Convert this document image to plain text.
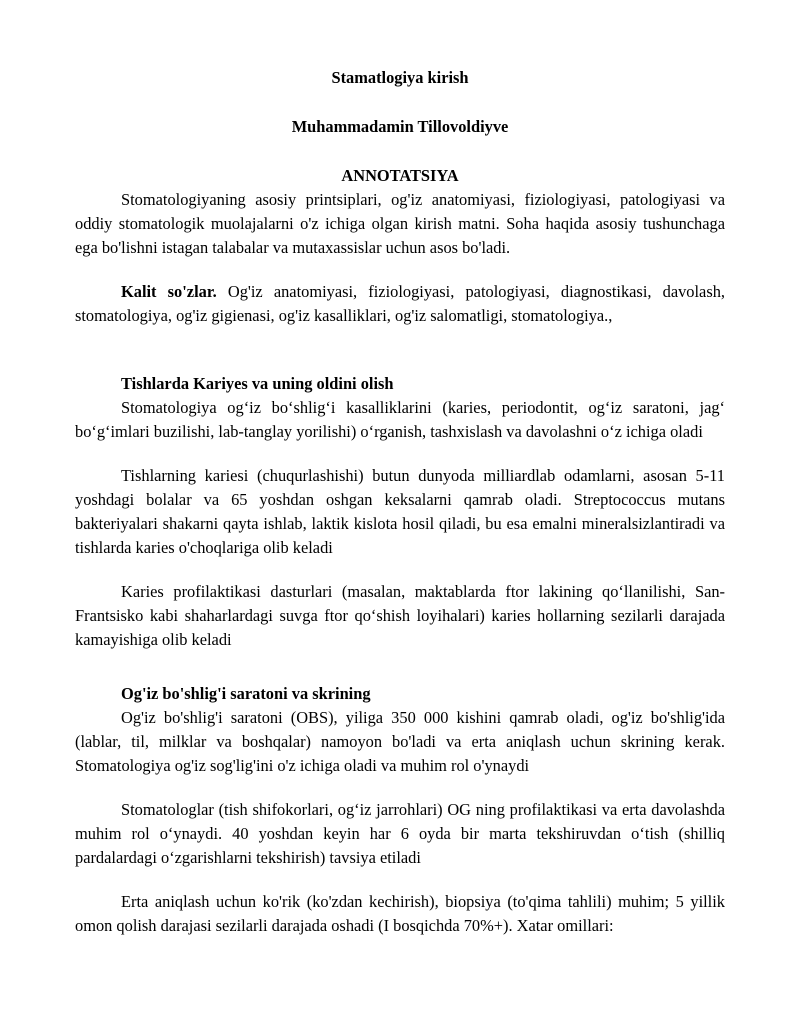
Stamatlogiya kirish

Muhammadamin Tillovoldiyve

ANNOTATSIYA

Stomatologiyaning asosiy printsiplari, og'iz anatomiyasi, fiziologiyasi, patologiyasi va oddiy stomatologik muolajalarni o'z ichiga olgan kirish matni. Soha haqida asosiy tushunchaga ega bo'lishni istagan talabalar va mutaxassislar uchun asos bo'ladi.

Kalit so'zlar. Og'iz anatomiyasi, fiziologiyasi, patologiyasi, diagnostikasi, davolash, stomatologiya, og'iz gigienasi, og'iz kasalliklari, og'iz salomatligi, stomatologiya.,

Tishlarda Kariyes va uning oldini olish

Stomatologiya og‘iz bo‘shlig‘i kasalliklarini (karies, periodontit, og‘iz saratoni, jag‘ bo‘g‘imlari buzilishi, lab-tanglay yorilishi) o‘rganish, tashxislash va davolashni o‘z ichiga oladi

Tishlarning kariesi (chuqurlashishi) butun dunyoda milliardlab odamlarni, asosan 5-11 yoshdagi bolalar va 65 yoshdan oshgan keksalarni qamrab oladi. Streptococcus mutans bakteriyalari shakarni qayta ishlab, laktik kislota hosil qiladi, bu esa emalni mineralsizlantiradi va tishlarda karies o'choqlariga olib keladi

Karies profilaktikasi dasturlari (masalan, maktablarda ftor lakining qo‘llanilishi, San-Frantsisko kabi shaharlardagi suvga ftor qo‘shish loyihalari) karies hollarning sezilarli darajada kamayishiga olib keladi

Og'iz bo'shlig'i saratoni va skrining

Og'iz bo'shlig'i saratoni (OBS), yiliga 350 000 kishini qamrab oladi, og'iz bo'shlig'ida (lablar, til, milklar va boshqalar) namoyon bo'ladi va erta aniqlash uchun skrining kerak. Stomatologiya og'iz sog'lig'ini o'z ichiga oladi va muhim rol o'ynaydi

Stomatologlar (tish shifokorlari, og‘iz jarrohlari) OG ning profilaktikasi va erta davolashda muhim rol o‘ynaydi. 40 yoshdan keyin har 6 oyda bir marta tekshiruvdan o‘tish (shilliq pardalardagi o‘zgarishlarni tekshirish) tavsiya etiladi

Erta aniqlash uchun ko'rik (ko'zdan kechirish), biopsiya (to'qima tahlili) muhim; 5 yillik omon qolish darajasi sezilarli darajada oshadi (I bosqichda 70%+). Xatar omillari:
